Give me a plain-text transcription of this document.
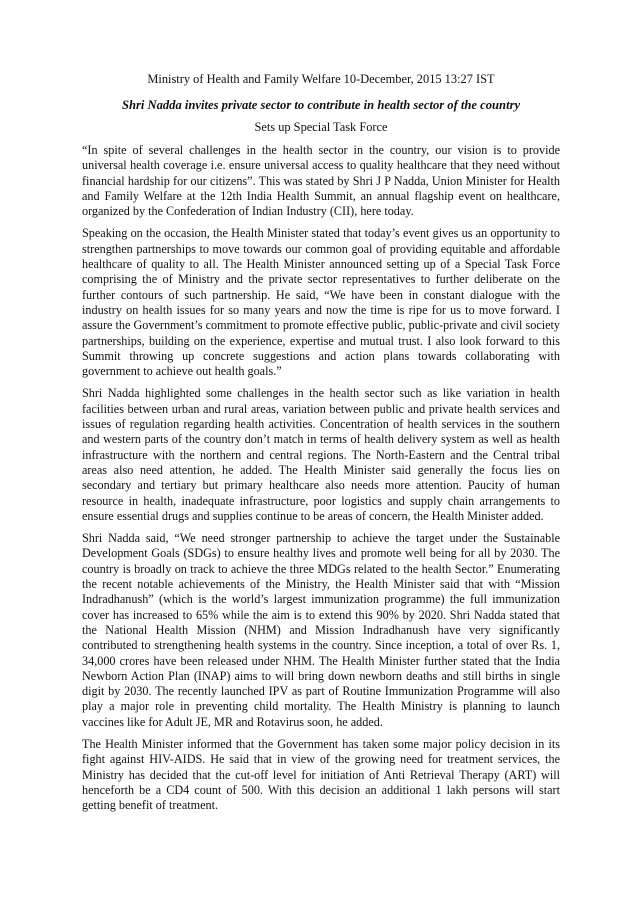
Ministry of Health and Family Welfare 10-December, 2015 13:27 IST
Shri Nadda invites private sector to contribute in health sector of the country
Sets up Special Task Force

“In spite of several challenges in the health sector in the country, our vision is to provide universal health coverage i.e. ensure universal access to quality healthcare that they need without financial hardship for our citizens”. This was stated by Shri J P Nadda, Union Minister for Health and Family Welfare at the 12th India Health Summit, an annual flagship event on healthcare, organized by the Confederation of Indian Industry (CII), here today.

Speaking on the occasion, the Health Minister stated that today’s event gives us an opportunity to strengthen partnerships to move towards our common goal of providing equitable and affordable healthcare of quality to all. The Health Minister announced setting up of a Special Task Force comprising the of Ministry and the private sector representatives to further deliberate on the further contours of such partnership. He said, “We have been in constant dialogue with the industry on health issues for so many years and now the time is ripe for us to move forward. I assure the Government’s commitment to promote effective public, public-private and civil society partnerships, building on the experience, expertise and mutual trust. I also look forward to this Summit throwing up concrete suggestions and action plans towards collaborating with government to achieve out health goals.”

Shri Nadda highlighted some challenges in the health sector such as like variation in health facilities between urban and rural areas, variation between public and private health services and issues of regulation regarding health activities. Concentration of health services in the southern and western parts of the country don’t match in terms of health delivery system as well as health infrastructure with the northern and central regions. The North-Eastern and the Central tribal areas also need attention, he added. The Health Minister said generally the focus lies on secondary and tertiary but primary healthcare also needs more attention. Paucity of human resource in health, inadequate infrastructure, poor logistics and supply chain arrangements to ensure essential drugs and supplies continue to be areas of concern, the Health Minister added.

Shri Nadda said, “We need stronger partnership to achieve the target under the Sustainable Development Goals (SDGs) to ensure healthy lives and promote well being for all by 2030. The country is broadly on track to achieve the three MDGs related to the health Sector.” Enumerating the recent notable achievements of the Ministry, the Health Minister said that with “Mission Indradhanush” (which is the world’s largest immunization programme) the full immunization cover has increased to 65% while the aim is to extend this 90% by 2020. Shri Nadda stated that the National Health Mission (NHM) and Mission Indradhanush have very significantly contributed to strengthening health systems in the country. Since inception, a total of over Rs. 1, 34,000 crores have been released under NHM. The Health Minister further stated that the India Newborn Action Plan (INAP) aims to will bring down newborn deaths and still births in single digit by 2030. The recently launched IPV as part of Routine Immunization Programme will also play a major role in preventing child mortality. The Health Ministry is planning to launch vaccines like for Adult JE, MR and Rotavirus soon, he added.

The Health Minister informed that the Government has taken some major policy decision in its fight against HIV-AIDS. He said that in view of the growing need for treatment services, the Ministry has decided that the cut-off level for initiation of Anti Retrieval Therapy (ART) will henceforth be a CD4 count of 500. With this decision an additional 1 lakh persons will start getting benefit of treatment.
